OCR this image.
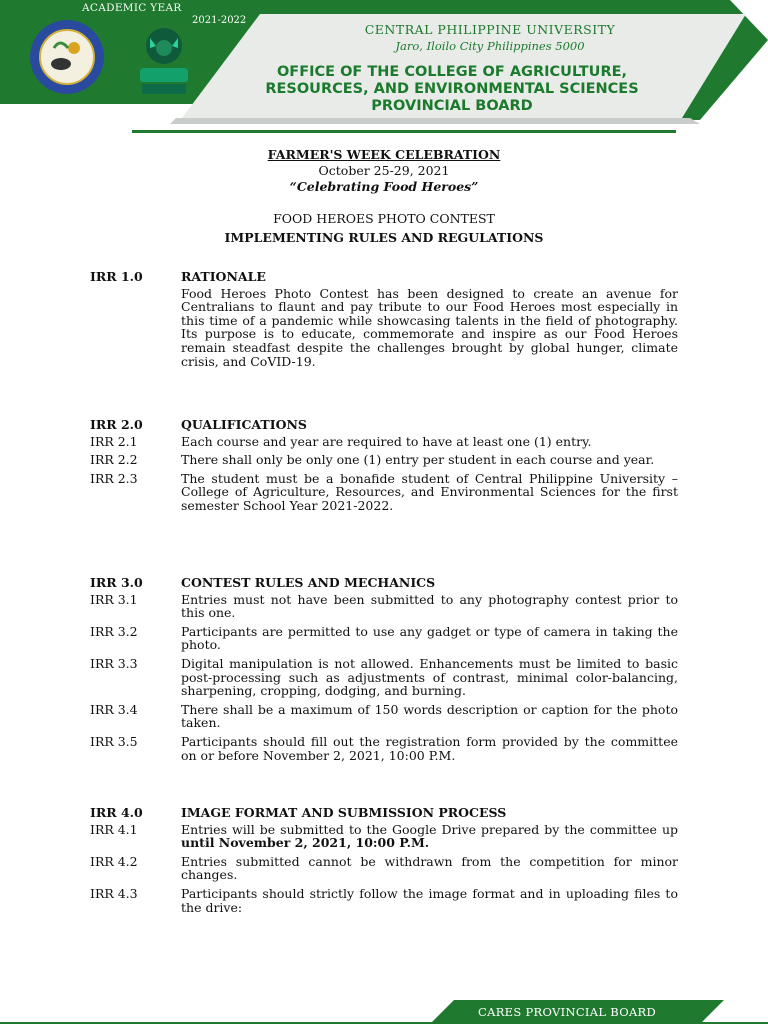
ACADEMIC YEAR
2021-2022
CENTRAL PHILIPPINE UNIVERSITY
Jaro, Iloilo City Philippines 5000
OFFICE OF THE COLLEGE OF AGRICULTURE,
RESOURCES, AND ENVIRONMENTAL SCIENCES
PROVINCIAL BOARD
FARMER'S WEEK CELEBRATION
October 25-29, 2021
“Celebrating Food Heroes”
FOOD HEROES PHOTO CONTEST
IMPLEMENTING RULES AND REGULATIONS
IRR 1.0	RATIONALE
Food Heroes Photo Contest has been designed to create an avenue for Centralians to flaunt and pay tribute to our Food Heroes most especially in this time of a pandemic while showcasing talents in the field of photography. Its purpose is to educate, commemorate and inspire as our Food Heroes remain steadfast despite the challenges brought by global hunger, climate crisis, and CoVID-19.
IRR 2.0	QUALIFICATIONS
IRR 2.1	Each course and year are required to have at least one (1) entry.
IRR 2.2	There shall only be only one (1) entry per student in each course and year.
IRR 2.3	The student must be a bonafide student of Central Philippine University – College of Agriculture, Resources, and Environmental Sciences for the first semester School Year 2021-2022.
IRR 3.0	CONTEST RULES AND MECHANICS
IRR 3.1	Entries must not have been submitted to any photography contest prior to this one.
IRR 3.2	Participants are permitted to use any gadget or type of camera in taking the photo.
IRR 3.3	Digital manipulation is not allowed. Enhancements must be limited to basic post-processing such as adjustments of contrast, minimal color-balancing, sharpening, cropping, dodging, and burning.
IRR 3.4	There shall be a maximum of 150 words description or caption for the photo taken.
IRR 3.5	Participants should fill out the registration form provided by the committee on or before November 2, 2021, 10:00 P.M.
IRR 4.0	IMAGE FORMAT AND SUBMISSION PROCESS
IRR 4.1	Entries will be submitted to the Google Drive prepared by the committee up until November 2, 2021, 10:00 P.M.
IRR 4.2	Entries submitted cannot be withdrawn from the competition for minor changes.
IRR 4.3	Participants should strictly follow the image format and in uploading files to the drive:
CARES PROVINCIAL BOARD
